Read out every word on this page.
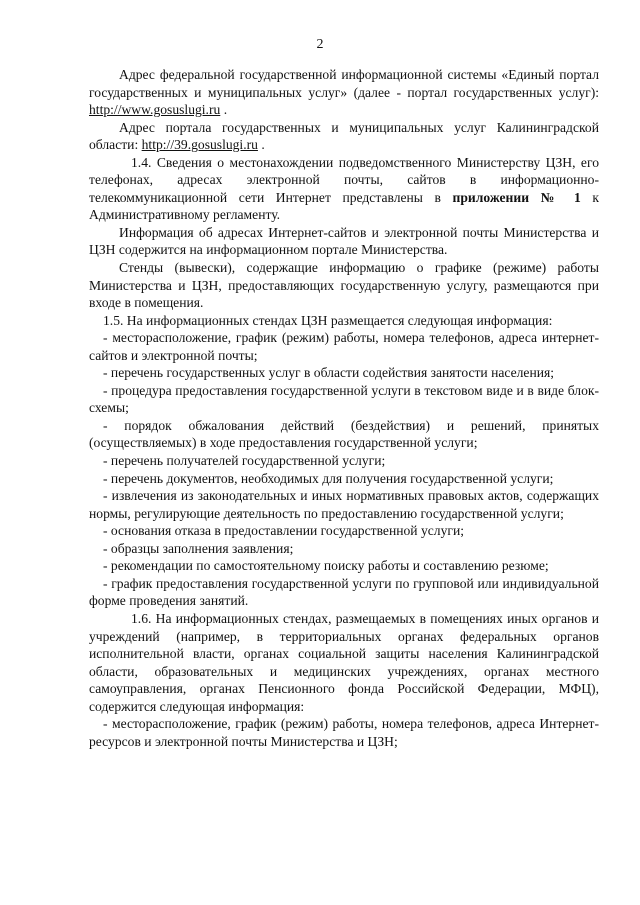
2

Адрес федеральной государственной информационной системы «Единый портал государственных и муниципальных услуг» (далее - портал государственных услуг): http://www.gosuslugi.ru .

Адрес портала государственных и муниципальных услуг Калининградской области: http://39.gosuslugi.ru .

1.4. Сведения о местонахождении подведомственного Министерству ЦЗН, его телефонах, адресах электронной почты, сайтов в информационно-телекоммуникационной сети Интернет представлены в приложении № 1 к Административному регламенту.

Информация об адресах Интернет-сайтов и электронной почты Министерства и ЦЗН содержится на информационном портале Министерства.

Стенды (вывески), содержащие информацию о графике (режиме) работы Министерства и ЦЗН, предоставляющих государственную услугу, размещаются при входе в помещения.

1.5. На информационных стендах ЦЗН размещается следующая информация:

- месторасположение, график (режим) работы, номера телефонов, адреса интернет-сайтов и электронной почты;

- перечень государственных услуг в области содействия занятости населения;

- процедура предоставления государственной услуги в текстовом виде и в виде блок-схемы;

- порядок обжалования действий (бездействия) и решений, принятых (осуществляемых) в ходе предоставления государственной услуги;

- перечень получателей государственной услуги;

- перечень документов, необходимых для получения государственной услуги;

- извлечения из законодательных и иных нормативных правовых актов, содержащих нормы, регулирующие деятельность по предоставлению государственной услуги;

- основания отказа в предоставлении государственной услуги;

- образцы заполнения заявления;

- рекомендации по самостоятельному поиску работы и составлению резюме;

- график предоставления государственной услуги по групповой или индивидуальной форме проведения занятий.

1.6. На информационных стендах, размещаемых в помещениях иных органов и учреждений (например, в территориальных органах федеральных органов исполнительной власти, органах социальной защиты населения Калининградской области, образовательных и медицинских учреждениях, органах местного самоуправления, органах Пенсионного фонда Российской Федерации, МФЦ), содержится следующая информация:

- месторасположение, график (режим) работы, номера телефонов, адреса Интернет-ресурсов и электронной почты Министерства и ЦЗН;
